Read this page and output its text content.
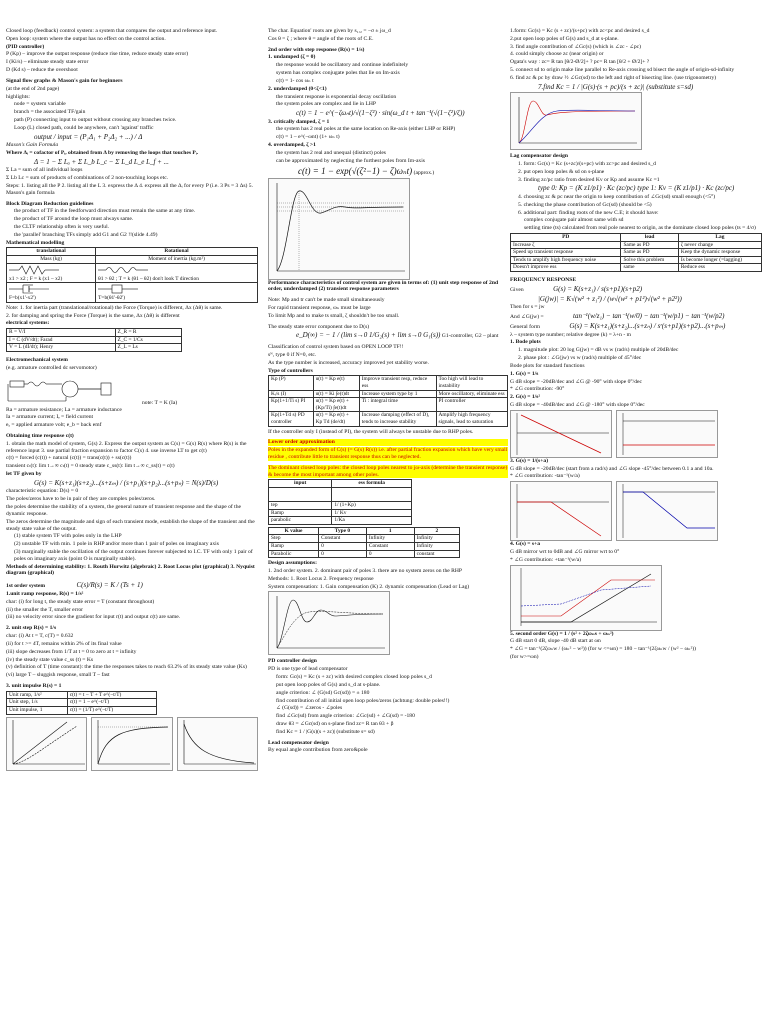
Closed loop (feedback) control system: a system that compares the output and reference input.

Open loop: system where the output has no effect on the control action.

(PID controller)

P (Kp) – improve the output response (reduce rise time, reduce steady state error)

I (Ki/s) – eliminate steady state error

D (Kd s) – reduce the overshoot

Signal flow graphs & Mason's gain for beginners

(at the end of 2nd page)

highlights:

node = system variable

branch = the associated TF/gain

path (P) connecting input to output without crossing any branches twice.

Loop (L) closed path, could be anywhere, can't 'against' traffic

output / input = (P₁Δ₁ + P₂Δ₂ + ...) / Δ

Mason's Gain Formula

Where Δᵢ = cofactor of Pᵢ, obtained from Δ by removing the loops that touches Pᵢ.

Δ = 1 − Σ Lₐ + Σ L_b L_c − Σ L_d L_e L_f + ...

Σ La = sum of all individual loops

Σ Lb Lc = sum of products of combinations of 2 non-touching loops etc.

Steps: 1. listing all the P 2. listing all the L 3. express the Δ 4. express all the Δᵢ for every P (i.e. 3 Ps = 3 Δs) 5. Mason's gain formula

Block Diagram Reduction guidelines

the product of TF in the feedforward direction must remain the same at any time.

the product of TF around the loop must always same.

the CLTF relationship often is very useful.

the 'parallel' branching TFs simply add G1 and G2 !!(slide 4.49)

Mathematical modelling

translational	Rotational
Mass (kg)	Moment of inertia (kg.m²)

x1 > x2 ; F = k (x1 – x2)	θ1 > θ2 ; T = k (θ1 – θ2) don't look T direction

F=b(x1'-x2')	T=b(θ1'-θ2')

Note: 1. for inertia part (translational/rotational) the Force (Torque) is different, Δx (Δθ) is same.

2. for damping and spring the Force (Torque) is the same, Δx (Δθ) is different

electrical systems:

R = V/I	Z_R = R
I = C (dV/dt); Farad	Z_C = 1/Cs
V = L (dI/dt); Henry	Z_L = Ls

Electromechanical system

(e.g. armature controlled dc servomotor)

note: T = K (Ia)

Ra = armature resistance; La = armature inductance

Ia = armature current; Iₑ = field current

eₐ = applied armature volt; e_b = back emf

Obtaining time response c(t)

1. obtain the math model of system, G(s) 2. Express the output system as C(s) = G(s) R(s) where R(s) is the reference input 3. use partial fraction expansion to factor C(s) 4. use inverse LT to get c(t)

c(t) = forced (c(t)) + natural (c(t)) = trans(c(t)) + ss(c(t))

transient cₜ(t): lim t→∞ cₜ(t) = 0 steady state c_ss(t): lim t→∞ c_ss(t) = c(t)

let TF given by

G(s) = K(s+z₁)(s+z₂)...(s+zₘ) / (s+p₁)(s+p₂)...(s+pₙ) = N(s)/D(s)

characteristic equation: D(s) = 0

The poles/zeros have to be in pair of they are complex poles/zeros.

the poles determine the stability of a system, the general nature of transient response and the shape of the dynamic response.

The zeros determine the magnitude and sign of each transient mode, establish the shape of the transient and the steady state value of the output.

(1) stable system TF with poles only in the LHP

(2) unstable TF with min. 1 pole in RHP and/or more than 1 pair of poles on imaginary axis

(3) marginally stable the oscillation of the output continues forever subjected to I.C. TF with only 1 pair of poles on imaginary axis (point O is marginally stable).

Methods of determining stability: 1. Routh Hurwitz (algebraic) 2. Root Locus plot (graphical) 3. Nyquist diagram (graphical)

1st order system	C(s)/R(s) = K / (Ts + 1)

1.unit ramp response, R(s) = 1/s²

char: (i) for long t, the steady state error = T (constant throughout)

(ii) the smaller the T, smaller error

(iii) no velocity error since the gradient for input r(t) and output c(t) are same.

2. unit step R(s) = 1/s

char: (i) At t = T, c(T) = 0.632

(ii) for t >= 4T, remains within 2% of its final value

(iii) slope decreases from 1/T at t = 0 to zero at t = infinity

(iv) the steady state value c_ss (t) = Ks

(v) definition of T (time constant): the time the responses takes to reach 63.2% of its steady state value (Ks)

(vi) large T – sluggish response, small T – fast

3. unit impulse R(s) = 1

Unit ramp, 1/s²	c(t) = t − T + T e^(−t/T)
Unit step, 1/s	c(t) = 1 − e^(−t/T)
Unit impulse, 1	c(t) = (1/T) e^(−t/T)

The char. Equation' roots are given by s₁,₂ = −σ ± jω_d

Cos θ = ζ ; where θ = angle of the roots of C.E.

2nd order with step response (R(s) = 1/s)

1. undamped (ζ = 0)

the response would be oscillatory and continue indefinitely

system has complex conjugate poles that lie on Im-axis

c(t) = 1- cos ωₙ t

2. underdamped (0<ζ<1)

the transient response is exponential decay oscillation

the system poles are complex and lie in LHP

c(t) = 1 − e^(−ζωₙt)/√(1−ζ²) · sin(ω_d t + tan⁻¹(√(1−ζ²)/ζ))

3. critically damped, ζ = 1

the system has 2 real poles at the same location on Re-axis (either LHP or RHP)

c(t) = 1 – e^(−ωnt) (1+ ωₙ t)

4. overdamped, ζ >1

the system has 2 real and unequal (distinct) poles

can be approximated by neglecting the furthest poles from Im-axis

c(t) = 1 − exp(√(ζ²−1) − ζ)ωₙt) (approx.)

Performance characteristics of control system are given in terms of: (1) unit step response of 2nd order, underdamped (2) transient response parameters

Note: Mp and tr can't be made small simultaneously

For rapid transient response, ωₙ must be large

To limit Mp and to make ts small, ζ shouldn't be too small.

The steady state error component due to D(s)

e_D(∞) = − 1 / (lim s→0 1/G₂(s) + lim s→0 G₁(s)) G1-controller, G2 – plant

Classification of control system based on OPEN LOOP TF!!

sᴺ, type 0 if N=0, etc.

As the type number is increased, accuracy improved yet stability worse.

Type of controllers

Kp (P)	u(t) = Kp e(t)	Improve transient resp, reduce ess	Too high will lead to instability
Kᵢ/s (I)	u(t) = Ki ∫e(t)dt	Increase system type by 1	More oscillatory, eliminate ess
Kp(1+1/Ti s) PI	u(t) = Kp e(t) + (Kp/Ti) ∫e(t)dt	Ti : integral time	PI controller
Kp(1+Td s) PD controller	u(t) = Kp e(t) + Kp Td (de/dt)	Increase damping (effect of D), tends to increase stability	Amplify high frequency signals, lead to saturation

If the controller only I (instead of PI), the system will always be unstable due to RHP poles.

Lower order approximation

Poles in the expanded form of C(s) (= G(s) R(s)) i.e. after partial fraction expansion which have very small residue , contribute little to transient response thus can be neglected.

The dominant closed loop poles: the closed loop poles nearest to jω-axis (determine the transient response) & become the most important among other poles.

input	ess formula

tep	1/ (1+Kp)
Ramp	1/ Kv
parabolic	1/Ka
K value	Type 0	1	2
Step	Constant	Infinity	Infinity
Ramp	0	Constant	Infinity
Parabolic	0	0	constant

Design assumptions:

1. 2nd order system. 2. dominant pair of poles 3. there are no system zeros on the RHP

Methods: 1. Root Locus 2. Frequency response

System compensation: 1. Gain compensation (K) 2. dynamic compensation (Lead or Lag)

PD controller design

PD is one type of lead compensator

form: Gc(s) = Kc (s + zc) with desired complex closed loop poles s_d

put open loop poles of G(s) and s_d at s-plane.

angle criterion: ∠ (G(sd) Gc(sd)) = ± 180

find contribution of all initial open loop poles/zeros (achtung: double poles!!)

∠ (G(sd)) = ∠zeros - ∠poles

find ∠Gc(sd) from angle criterion: ∠Gc(sd) + ∠G(sd) = -180

draw θ3 = ∠Gc(sd) on s-plane find zc= R tan θ3 + β

find Kc = 1 / |G(s)(s + zc)| (substitute s= sd)

Lead compensator design

By equal angle contribution from zero&pole

1.form: Gc(s) = Kc (s + zc)/(s+pc) with zc<pc and desired s_d

2.put open loop poles of G(s) and s_d at s-plane.

3. find angle contribution of ∠Gc(s) (which is ∠zc - ∠pc)

4. could simply choose zc (near origin) or

Ogata's way : zc= R tan [θ/2-Ø/2]+ ? pc= R tan [θ/2 + Ø/2]+ ?

5. connect sd to origin make line parallel to Re-axis crossing sd bisect the angle of origin-sd-infinity

6. find zc & pc by draw ½ ∠Gc(sd) to the left and right of bisecting line. (use trigonometry)

7.find Kc = 1 / |G(s)·(s + pc)/(s + zc)| (substitute s=sd)

Lag compensator design

1. form: Gc(s) = Kc (s+zc)/(s+pc) with zc>pc and desired s_d

2. put open loop poles & sd on s-plane

3. finding zc/pc ratio from desired Kv or Kp and assume Kc =1

type 0: Kp = (K z1/p1) · Kc (zc/pc) type 1: Kv = (K z1/p1) · Kc (zc/pc)

4. choosing zc & pc near the origin to keep contribution of ∠Gc(sd) small enough (<5°)

5. checking the phase contribution of Gc(sd) (should be <5)

6. additional part: finding roots of the new C.E; it should have:

complex conjugate pair almost same with sd

settling time (ts) calculated from real pole nearest to origin, as the dominate closed loop poles (ts = 4/σ)

PD	lead	Lag
Increase ζ	Same as PD	ζ never change
Speed up transient response	Same as PD	Keep the dynamic response
Tends to amplify high frequency noise	Solve this problem	Is become longer (=lagging)
Doesn't improve ess	same	Reduce ess

FREQUENCY RESPONSE

Given	G(s) = K(s+z₁) / s(s+p1)(s+p2)

|G(jw)| = K√(w² + z₁²) / (w√(w² + p1²)√(w² + p2²))

Then for s = jw

And ∠G(jw) =	tan⁻¹(w/z₁) − tan⁻¹(w/0) − tan⁻¹(w/p1) − tan⁻¹(w/p2)

General form	G(s) = K(s+z₁)(s+z₂)...(s+zₙ) / sʳ(s+p1)(s+p2)...(s+pₘ)

λ – system type number; relative degree (k) = λ+n - m

1. Bode plots

1. magnitude plot: 20 log G(jw) = dB vs w (rad/s) multiple of 20dB/dec

2. phase plot : ∠G(jw) vs w (rad/s) multiple of 45°/dec

Bode plots for standard functions

1. G(s) = 1/s

G dB slope = -20dB/dec and ∠G @ -90° with slope 0°/dec

* ∠G contribution: -90°

2. G(s) = 1/s²

G dB slope = -40dB/dec and ∠G @ -180° with slope 0°/dec

3. G(s) = 1/(s+a)

G dB slope = -20dB/dec (start from a rad/s) and ∠G slope -45°/dec between 0.1 a and 10a.

* ∠G contribution: -tan⁻¹(w/a)

4. G(s) = s+a

G dB mirror wrt to 0dB and ∠G mirror wrt to 0°

* ∠G contribution: +tan⁻¹(w/a)

5. second order G(s) = 1 / (s² + 2ζωₙs + ωₙ²)

G dB start 0 dB, slope -40 dB start at ωn

* ∠G = tan⁻¹(2ζωₙw / (ωₙ² − w²)) (for w <=ωn) = 180 − tan⁻¹(2ζωₙw / (w² − ωₙ²))

(for w>=ωn)
